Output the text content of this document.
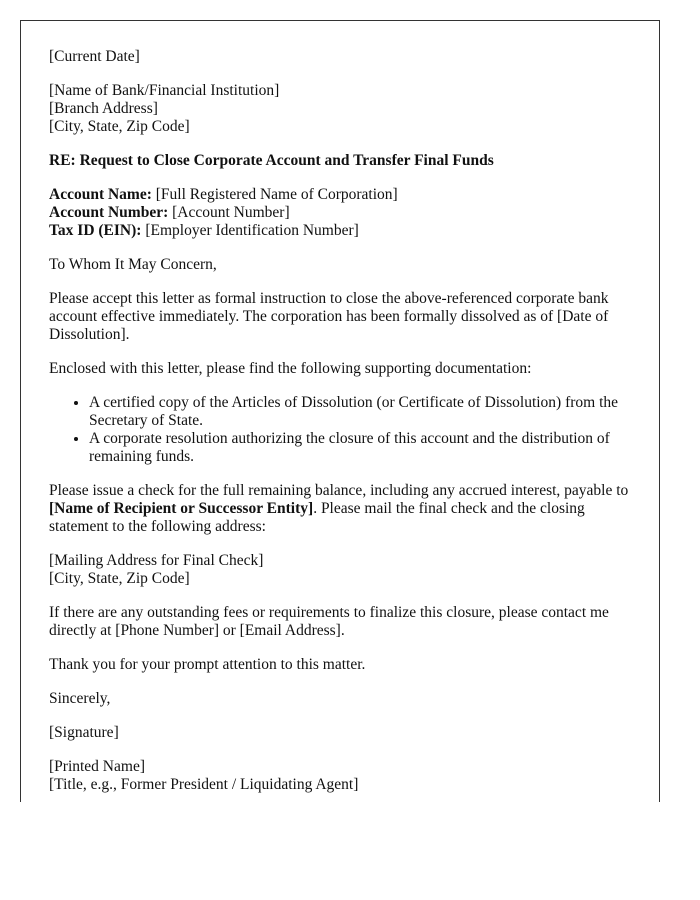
[Current Date]

[Name of Bank/Financial Institution]
[Branch Address]
[City, State, Zip Code]

RE: Request to Close Corporate Account and Transfer Final Funds

Account Name: [Full Registered Name of Corporation]
Account Number: [Account Number]
Tax ID (EIN): [Employer Identification Number]

To Whom It May Concern,

Please accept this letter as formal instruction to close the above-referenced corporate bank account effective immediately. The corporation has been formally dissolved as of [Date of Dissolution].

Enclosed with this letter, please find the following supporting documentation:

• A certified copy of the Articles of Dissolution (or Certificate of Dissolution) from the Secretary of State.
• A corporate resolution authorizing the closure of this account and the distribution of remaining funds.

Please issue a check for the full remaining balance, including any accrued interest, payable to [Name of Recipient or Successor Entity]. Please mail the final check and the closing statement to the following address:

[Mailing Address for Final Check]
[City, State, Zip Code]

If there are any outstanding fees or requirements to finalize this closure, please contact me directly at [Phone Number] or [Email Address].

Thank you for your prompt attention to this matter.

Sincerely,

[Signature]

[Printed Name]
[Title, e.g., Former President / Liquidating Agent]
